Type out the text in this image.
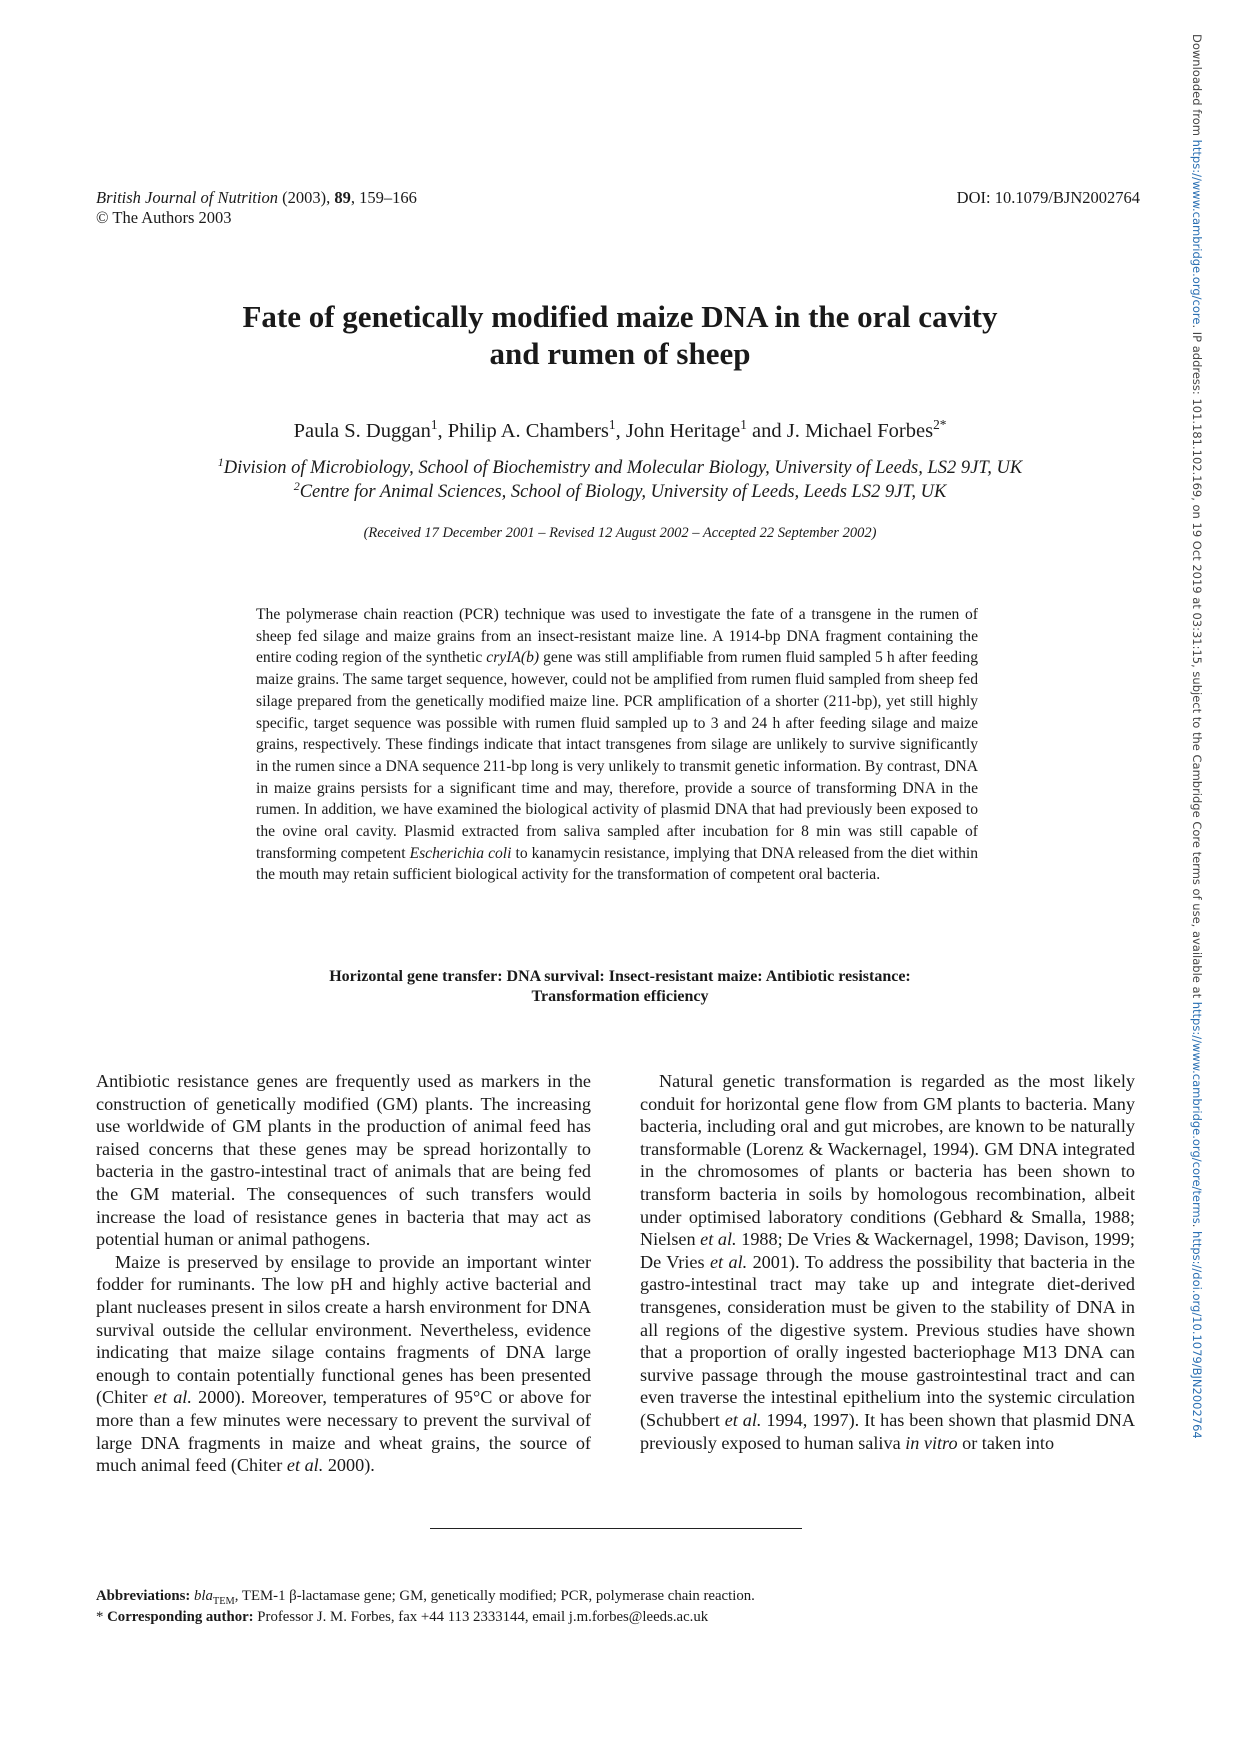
Downloaded from https://www.cambridge.org/core. IP address: 101.181.102.169, on 19 Oct 2019 at 03:31:15, subject to the Cambridge Core terms of use, available at https://www.cambridge.org/core/terms. https://doi.org/10.1079/BJN2002764
British Journal of Nutrition (2003), 89, 159–166
© The Authors 2003
DOI: 10.1079/BJN2002764
Fate of genetically modified maize DNA in the oral cavity
and rumen of sheep
Paula S. Duggan$^1$, Philip A. Chambers$^1$, John Heritage$^1$ and J. Michael Forbes$^{2*}$
$^1$Division of Microbiology, School of Biochemistry and Molecular Biology, University of Leeds, LS2 9JT, UK
$^2$Centre for Animal Sciences, School of Biology, University of Leeds, Leeds LS2 9JT, UK
(Received 17 December 2001 – Revised 12 August 2002 – Accepted 22 September 2002)
The polymerase chain reaction (PCR) technique was used to investigate the fate of a transgene in the rumen of sheep fed silage and maize grains from an insect-resistant maize line. A 1914-bp DNA fragment containing the entire coding region of the synthetic cryIA(b) gene was still amplifiable from rumen fluid sampled 5 h after feeding maize grains. The same target sequence, however, could not be amplified from rumen fluid sampled from sheep fed silage prepared from the genetically modified maize line. PCR amplification of a shorter (211-bp), yet still highly specific, target sequence was possible with rumen fluid sampled up to 3 and 24 h after feeding silage and maize grains, respectively. These findings indicate that intact transgenes from silage are unlikely to survive significantly in the rumen since a DNA sequence 211-bp long is very unlikely to transmit genetic information. By contrast, DNA in maize grains persists for a significant time and may, therefore, provide a source of transforming DNA in the rumen. In addition, we have examined the biological activity of plasmid DNA that had previously been exposed to the ovine oral cavity. Plasmid extracted from saliva sampled after incubation for 8 min was still capable of transforming competent Escherichia coli to kanamycin resistance, implying that DNA released from the diet within the mouth may retain sufficient biological activity for the transformation of competent oral bacteria.
Horizontal gene transfer: DNA survival: Insect-resistant maize: Antibiotic resistance:
Transformation efficiency

Antibiotic resistance genes are frequently used as markers in the construction of genetically modified (GM) plants. The increasing use worldwide of GM plants in the production of animal feed has raised concerns that these genes may be spread horizontally to bacteria in the gastro-intestinal tract of animals that are being fed the GM material. The consequences of such transfers would increase the load of resistance genes in bacteria that may act as potential human or animal pathogens.

Maize is preserved by ensilage to provide an important winter fodder for ruminants. The low pH and highly active bacterial and plant nucleases present in silos create a harsh environment for DNA survival outside the cellular environment. Nevertheless, evidence indicating that maize silage contains fragments of DNA large enough to contain potentially functional genes has been presented (Chiter et al. 2000). Moreover, temperatures of 95°C or above for more than a few minutes were necessary to prevent the survival of large DNA fragments in maize and wheat grains, the source of much animal feed (Chiter et al. 2000).

Natural genetic transformation is regarded as the most likely conduit for horizontal gene flow from GM plants to bacteria. Many bacteria, including oral and gut microbes, are known to be naturally transformable (Lorenz & Wackernagel, 1994). GM DNA integrated in the chromosomes of plants or bacteria has been shown to transform bacteria in soils by homologous recombination, albeit under optimised laboratory conditions (Gebhard & Smalla, 1988; Nielsen et al. 1988; De Vries & Wackernagel, 1998; Davison, 1999; De Vries et al. 2001). To address the possibility that bacteria in the gastro-intestinal tract may take up and integrate diet-derived transgenes, consideration must be given to the stability of DNA in all regions of the digestive system. Previous studies have shown that a proportion of orally ingested bacteriophage M13 DNA can survive passage through the mouse gastrointestinal tract and can even traverse the intestinal epithelium into the systemic circulation (Schubbert et al. 1994, 1997). It has been shown that plasmid DNA previously exposed to human saliva in vitro or taken into

Abbreviations: bla$_{TEM}$, TEM-1 β-lactamase gene; GM, genetically modified; PCR, polymerase chain reaction.
* Corresponding author: Professor J. M. Forbes, fax +44 113 2333144, email j.m.forbes@leeds.ac.uk
